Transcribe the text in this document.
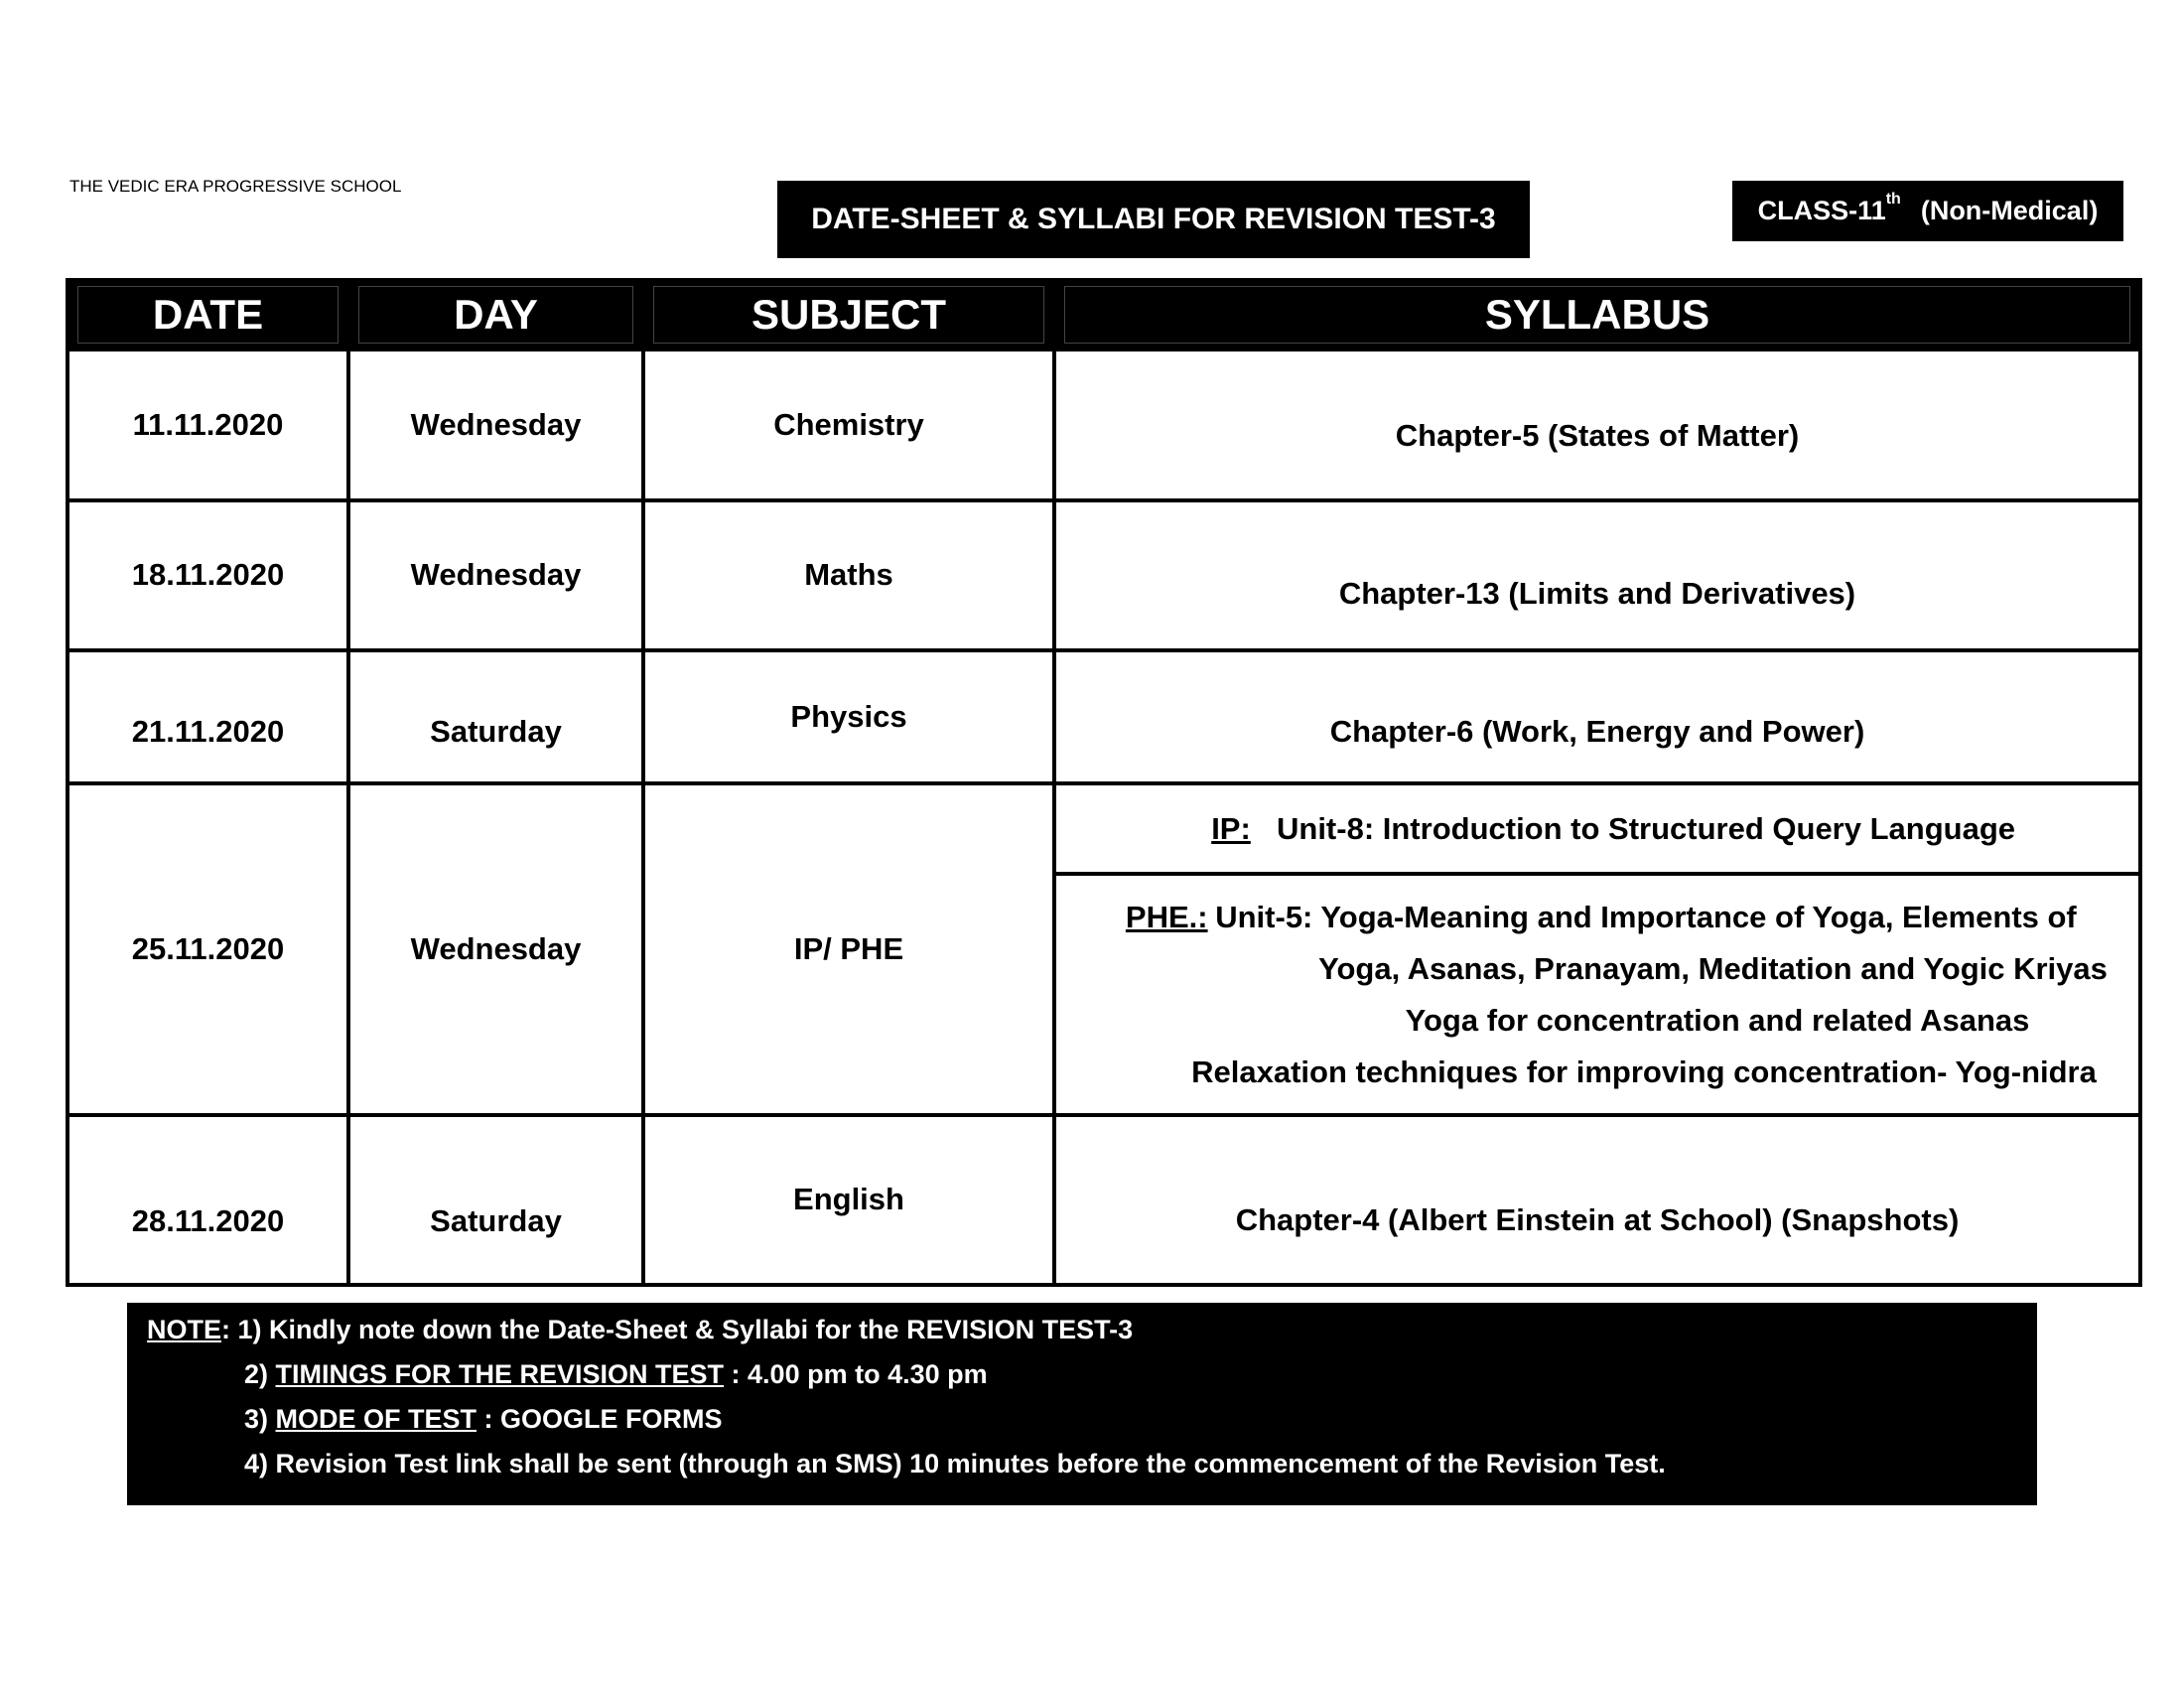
THE VEDIC ERA PROGRESSIVE SCHOOL
DATE-SHEET & SYLLABI FOR REVISION TEST-3	CLASS-11th (Non-Medical)
DATE	DAY	SUBJECT	SYLLABUS

11.11.2020	Wednesday	Chemistry	Chapter-5 (States of Matter)
18.11.2020	Wednesday	Maths	Chapter-13 (Limits and Derivatives)
21.11.2020	Saturday	Physics	Chapter-6 (Work, Energy and Power)
25.11.2020	Wednesday	IP/ PHE	IP: Unit-8: Introduction to Structured Query Language

			PHE.: Unit-5: Yoga-Meaning and Importance of Yoga, Elements of
Yoga, Asanas, Pranayam, Meditation and Yogic Kriyas
Yoga for concentration and related Asanas
Relaxation techniques for improving concentration- Yog-nidra

28.11.2020	Saturday	English	Chapter-4 (Albert Einstein at School) (Snapshots)
NOTE: 1) Kindly note down the Date-Sheet & Syllabi for the REVISION TEST-3
2) TIMINGS FOR THE REVISION TEST : 4.00 pm to 4.30 pm
3) MODE OF TEST : GOOGLE FORMS
4) Revision Test link shall be sent (through an SMS) 10 minutes before the commencement of the Revision Test.
